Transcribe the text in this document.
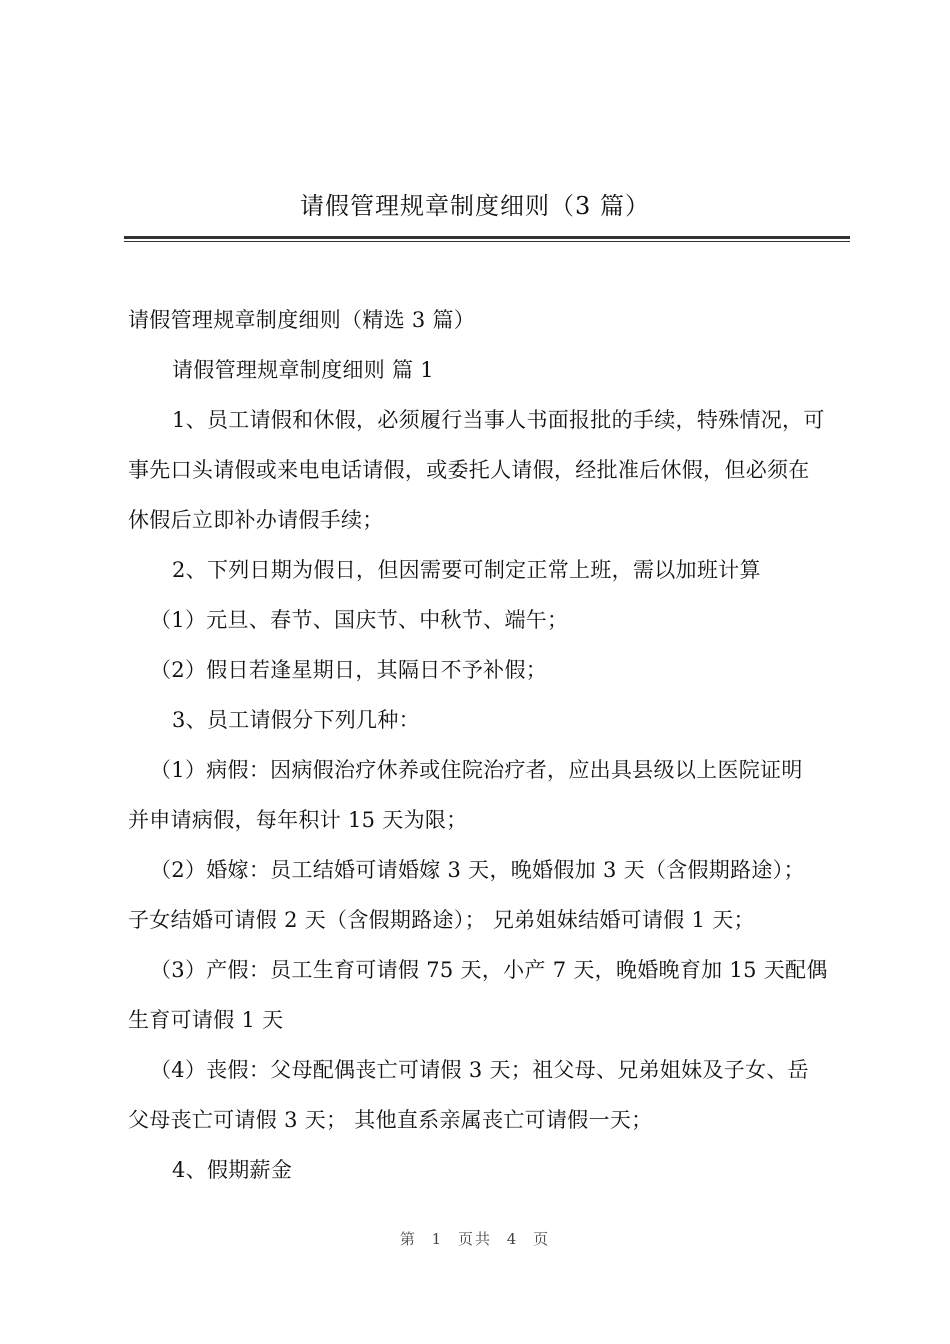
请假管理规章制度细则（3 篇）
请假管理规章制度细则（精选 3 篇）
请假管理规章制度细则 篇 1
1、员工请假和休假，必须履行当事人书面报批的手续，特殊情况，可
事先口头请假或来电电话请假，或委托人请假，经批准后休假，但必须在
休假后立即补办请假手续；
2、下列日期为假日，但因需要可制定正常上班，需以加班计算
（1）元旦、春节、国庆节、中秋节、端午；
（2）假日若逢星期日，其隔日不予补假；
3、员工请假分下列几种：
（1）病假：因病假治疗休养或住院治疗者，应出具县级以上医院证明
并申请病假，每年积计 15 天为限；
（2）婚嫁：员工结婚可请婚嫁 3 天，晚婚假加 3 天（含假期路途）；
子女结婚可请假 2 天（含假期路途）； 兄弟姐妹结婚可请假 1 天；
（3）产假：员工生育可请假 75 天，小产 7 天，晚婚晚育加 15 天配偶
生育可请假 1 天
（4）丧假：父母配偶丧亡可请假 3 天；祖父母、兄弟姐妹及子女、岳
父母丧亡可请假 3 天； 其他直系亲属丧亡可请假一天；
4、假期薪金
第 1 页共 4 页
